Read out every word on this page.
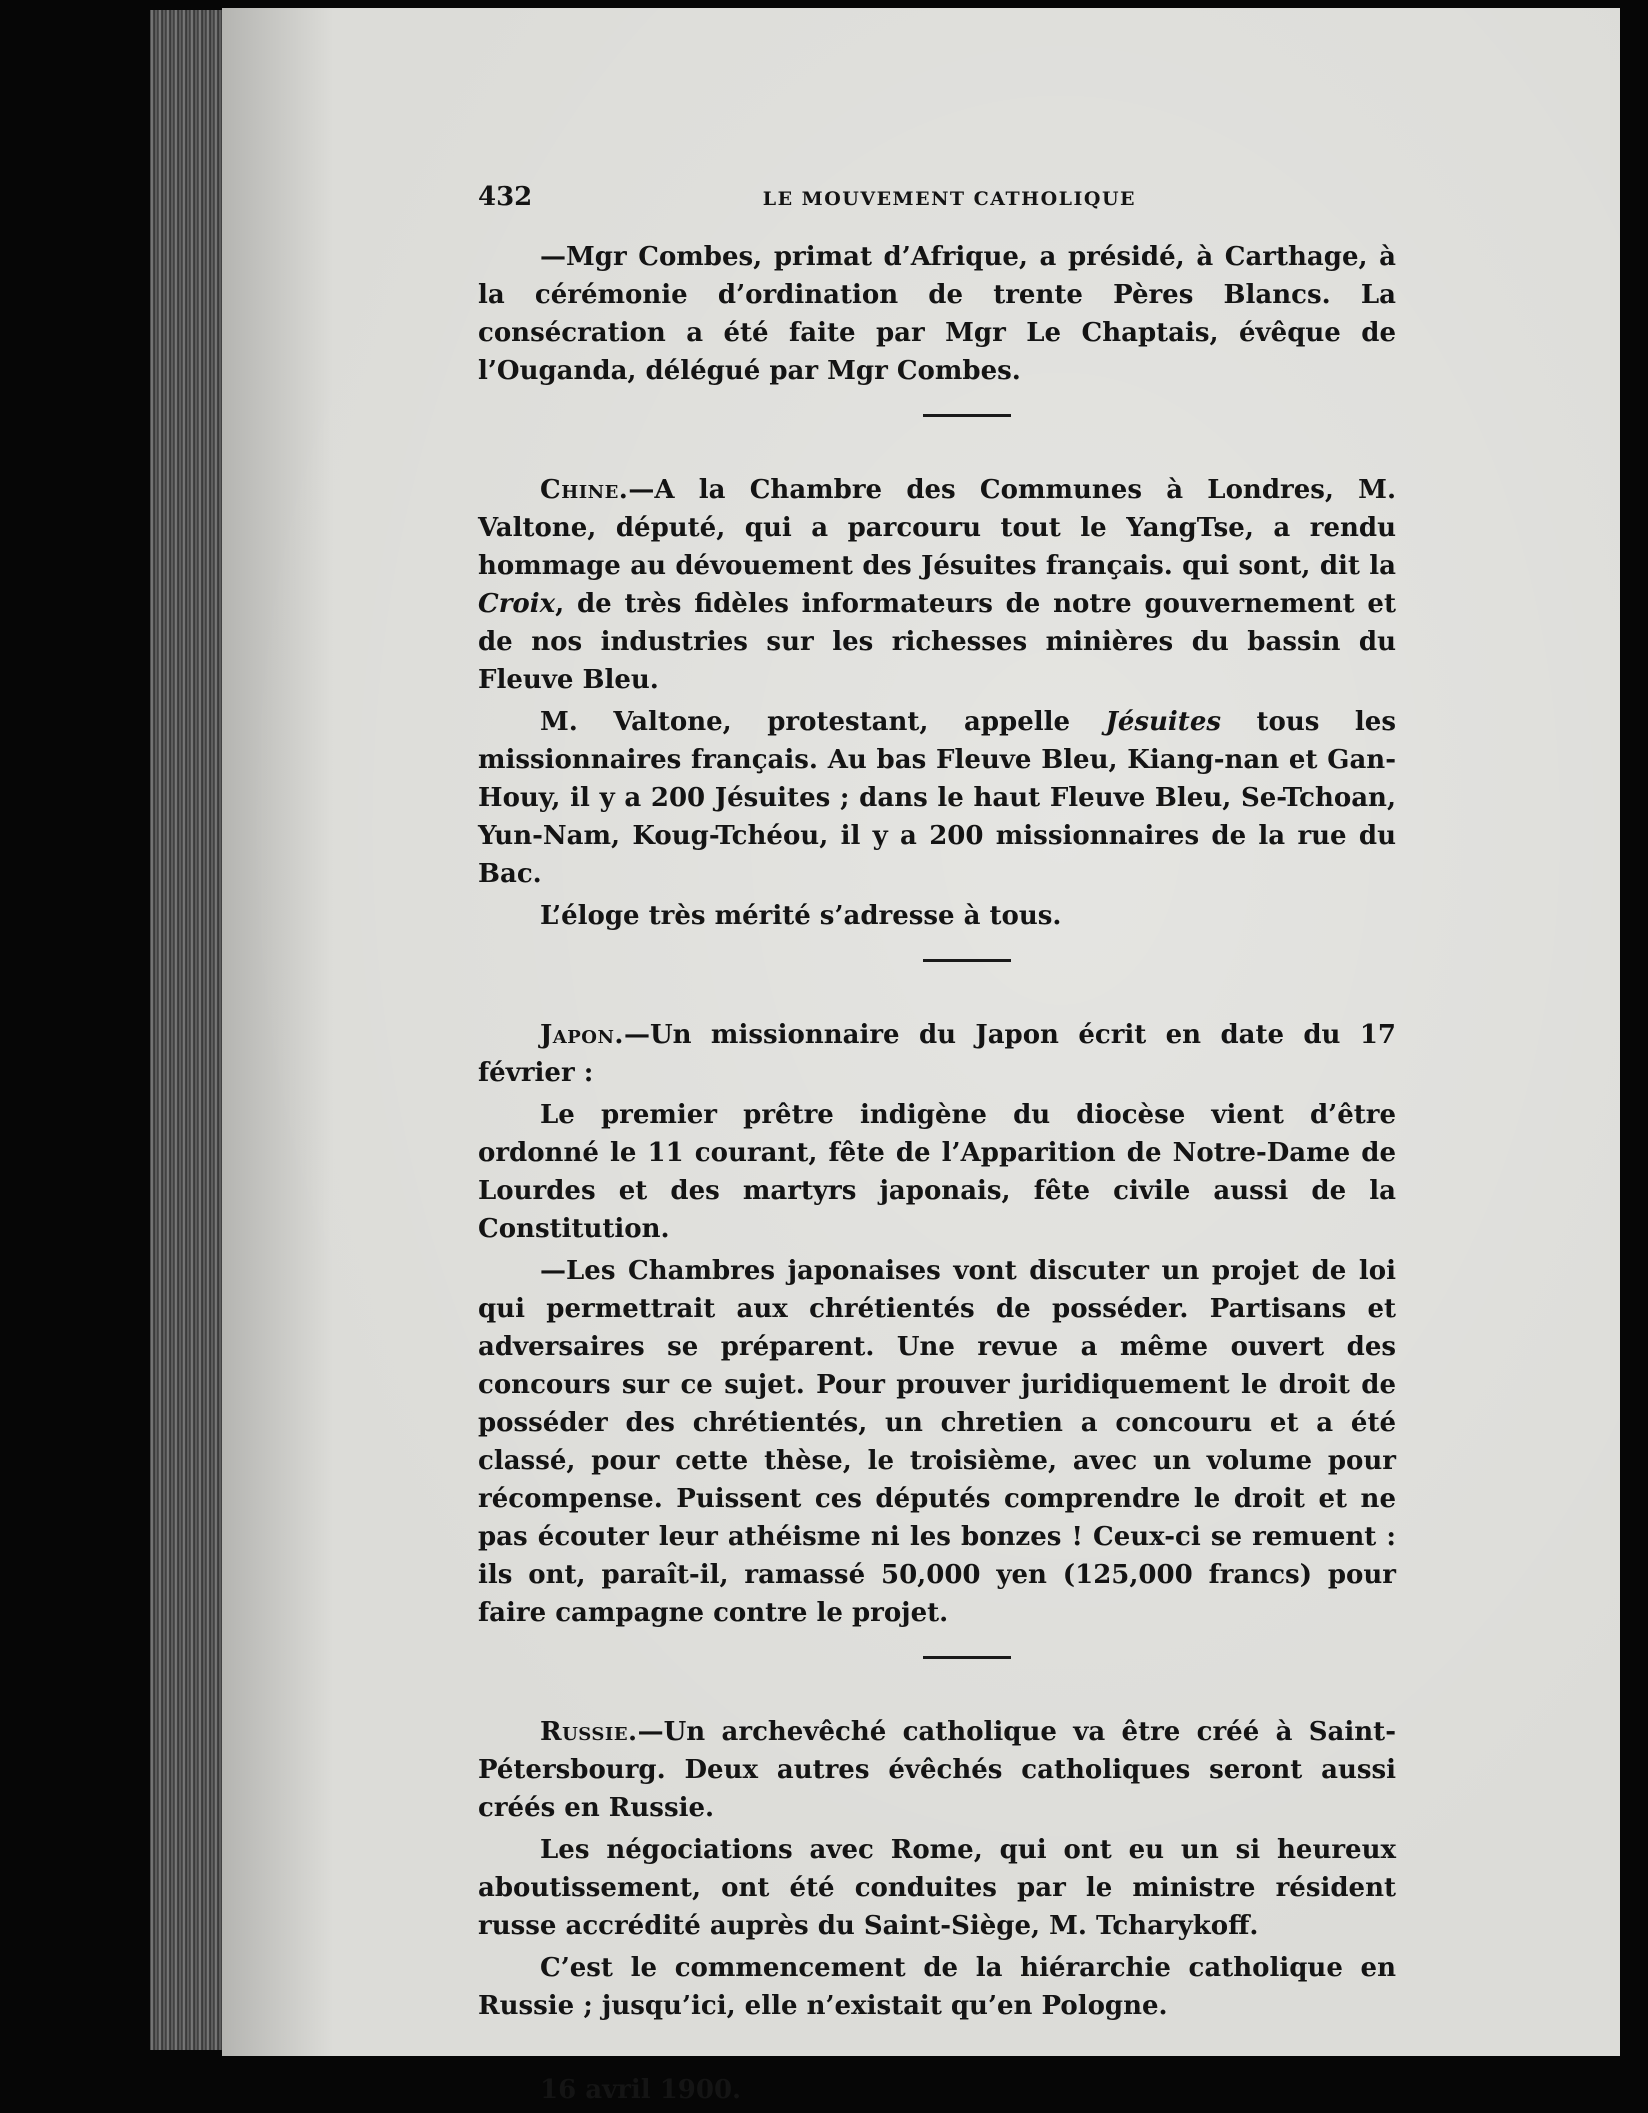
432	LE MOUVEMENT CATHOLIQUE

—Mgr Combes, primat d’Afrique, a présidé, à Carthage, à la cérémonie d’ordination de trente Pères Blancs. La consécration a été faite par Mgr Le Chaptais, évêque de l’Ouganda, délégué par Mgr Combes.

Chine.—A la Chambre des Communes à Londres, M. Valtone, député, qui a parcouru tout le YangTse, a rendu hommage au dévouement des Jésuites français. qui sont, dit la Croix, de très fidèles informateurs de notre gouvernement et de nos industries sur les richesses minières du bassin du Fleuve Bleu.

M. Valtone, protestant, appelle Jésuites tous les missionnaires français. Au bas Fleuve Bleu, Kiang-nan et Gan-Houy, il y a 200 Jésuites ; dans le haut Fleuve Bleu, Se-Tchoan, Yun-Nam, Koug-Tchéou, il y a 200 missionnaires de la rue du Bac.

L’éloge très mérité s’adresse à tous.

Japon.—Un missionnaire du Japon écrit en date du 17 février :

Le premier prêtre indigène du diocèse vient d’être ordonné le 11 courant, fête de l’Apparition de Notre-Dame de Lourdes et des martyrs japonais, fête civile aussi de la Constitution.

—Les Chambres japonaises vont discuter un projet de loi qui permettrait aux chrétientés de posséder. Partisans et adversaires se préparent. Une revue a même ouvert des concours sur ce sujet. Pour prouver juridiquement le droit de posséder des chrétientés, un chretien a concouru et a été classé, pour cette thèse, le troisième, avec un volume pour récompense. Puissent ces députés comprendre le droit et ne pas écouter leur athéisme ni les bonzes ! Ceux-ci se remuent : ils ont, paraît-il, ramassé 50,000 yen (125,000 francs) pour faire campagne contre le projet.

Russie.—Un archevêché catholique va être créé à Saint-Pétersbourg. Deux autres évêchés catholiques seront aussi créés en Russie.

Les négociations avec Rome, qui ont eu un si heureux aboutissement, ont été conduites par le ministre résident russe accrédité auprès du Saint-Siège, M. Tcharykoff.

C’est le commencement de la hiérarchie catholique en Russie ; jusqu’ici, elle n’existait qu’en Pologne.

16 avril 1900.
